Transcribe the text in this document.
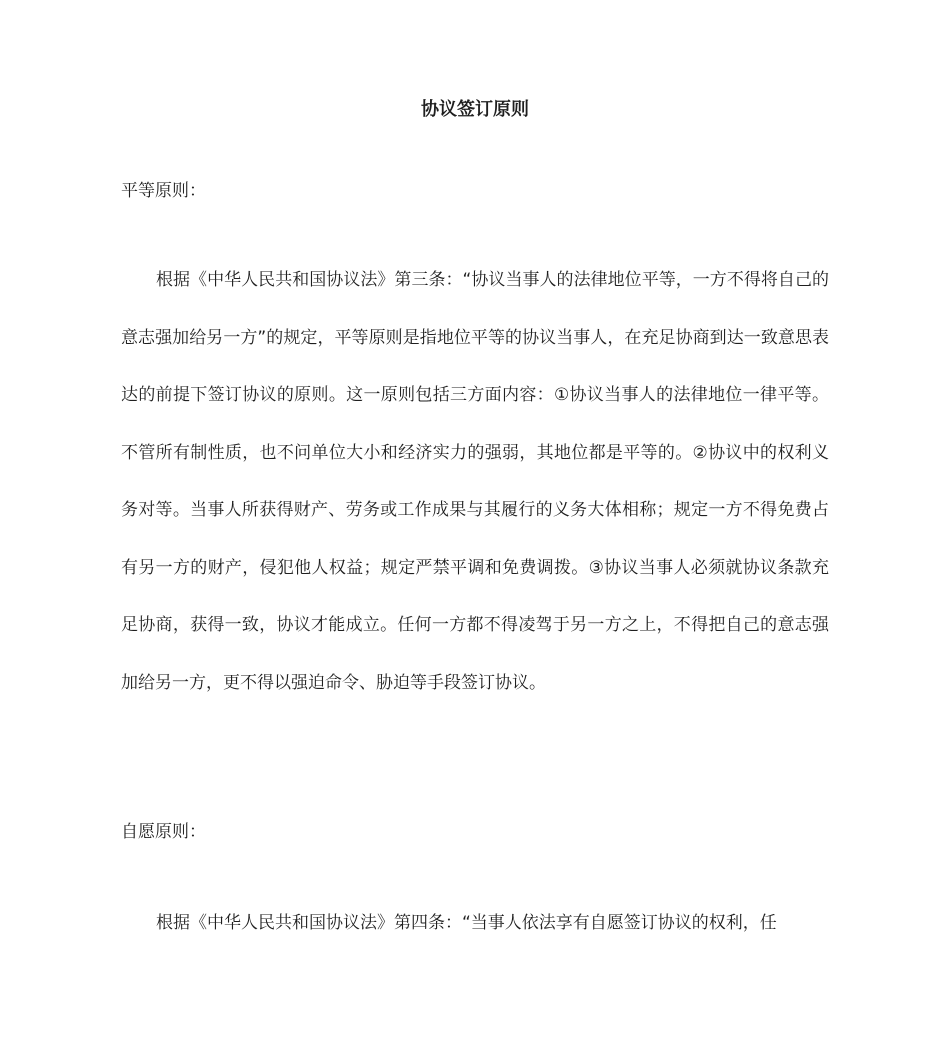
协议签订原则

平等原则：

根据《中华人民共和国协议法》第三条：“协议当事人的法律地位平等，一方不得将自己的意志强加给另一方”的规定，平等原则是指地位平等的协议当事人，在充足协商到达一致意思表达的前提下签订协议的原则。这一原则包括三方面内容：①协议当事人的法律地位一律平等。不管所有制性质，也不问单位大小和经济实力的强弱，其地位都是平等的。②协议中的权利义务对等。当事人所获得财产、劳务或工作成果与其履行的义务大体相称；规定一方不得免费占有另一方的财产，侵犯他人权益；规定严禁平调和免费调拨。③协议当事人必须就协议条款充足协商，获得一致，协议才能成立。任何一方都不得凌驾于另一方之上，不得把自己的意志强加给另一方，更不得以强迫命令、胁迫等手段签订协议。

自愿原则：

根据《中华人民共和国协议法》第四条：“当事人依法享有自愿签订协议的权利，任
